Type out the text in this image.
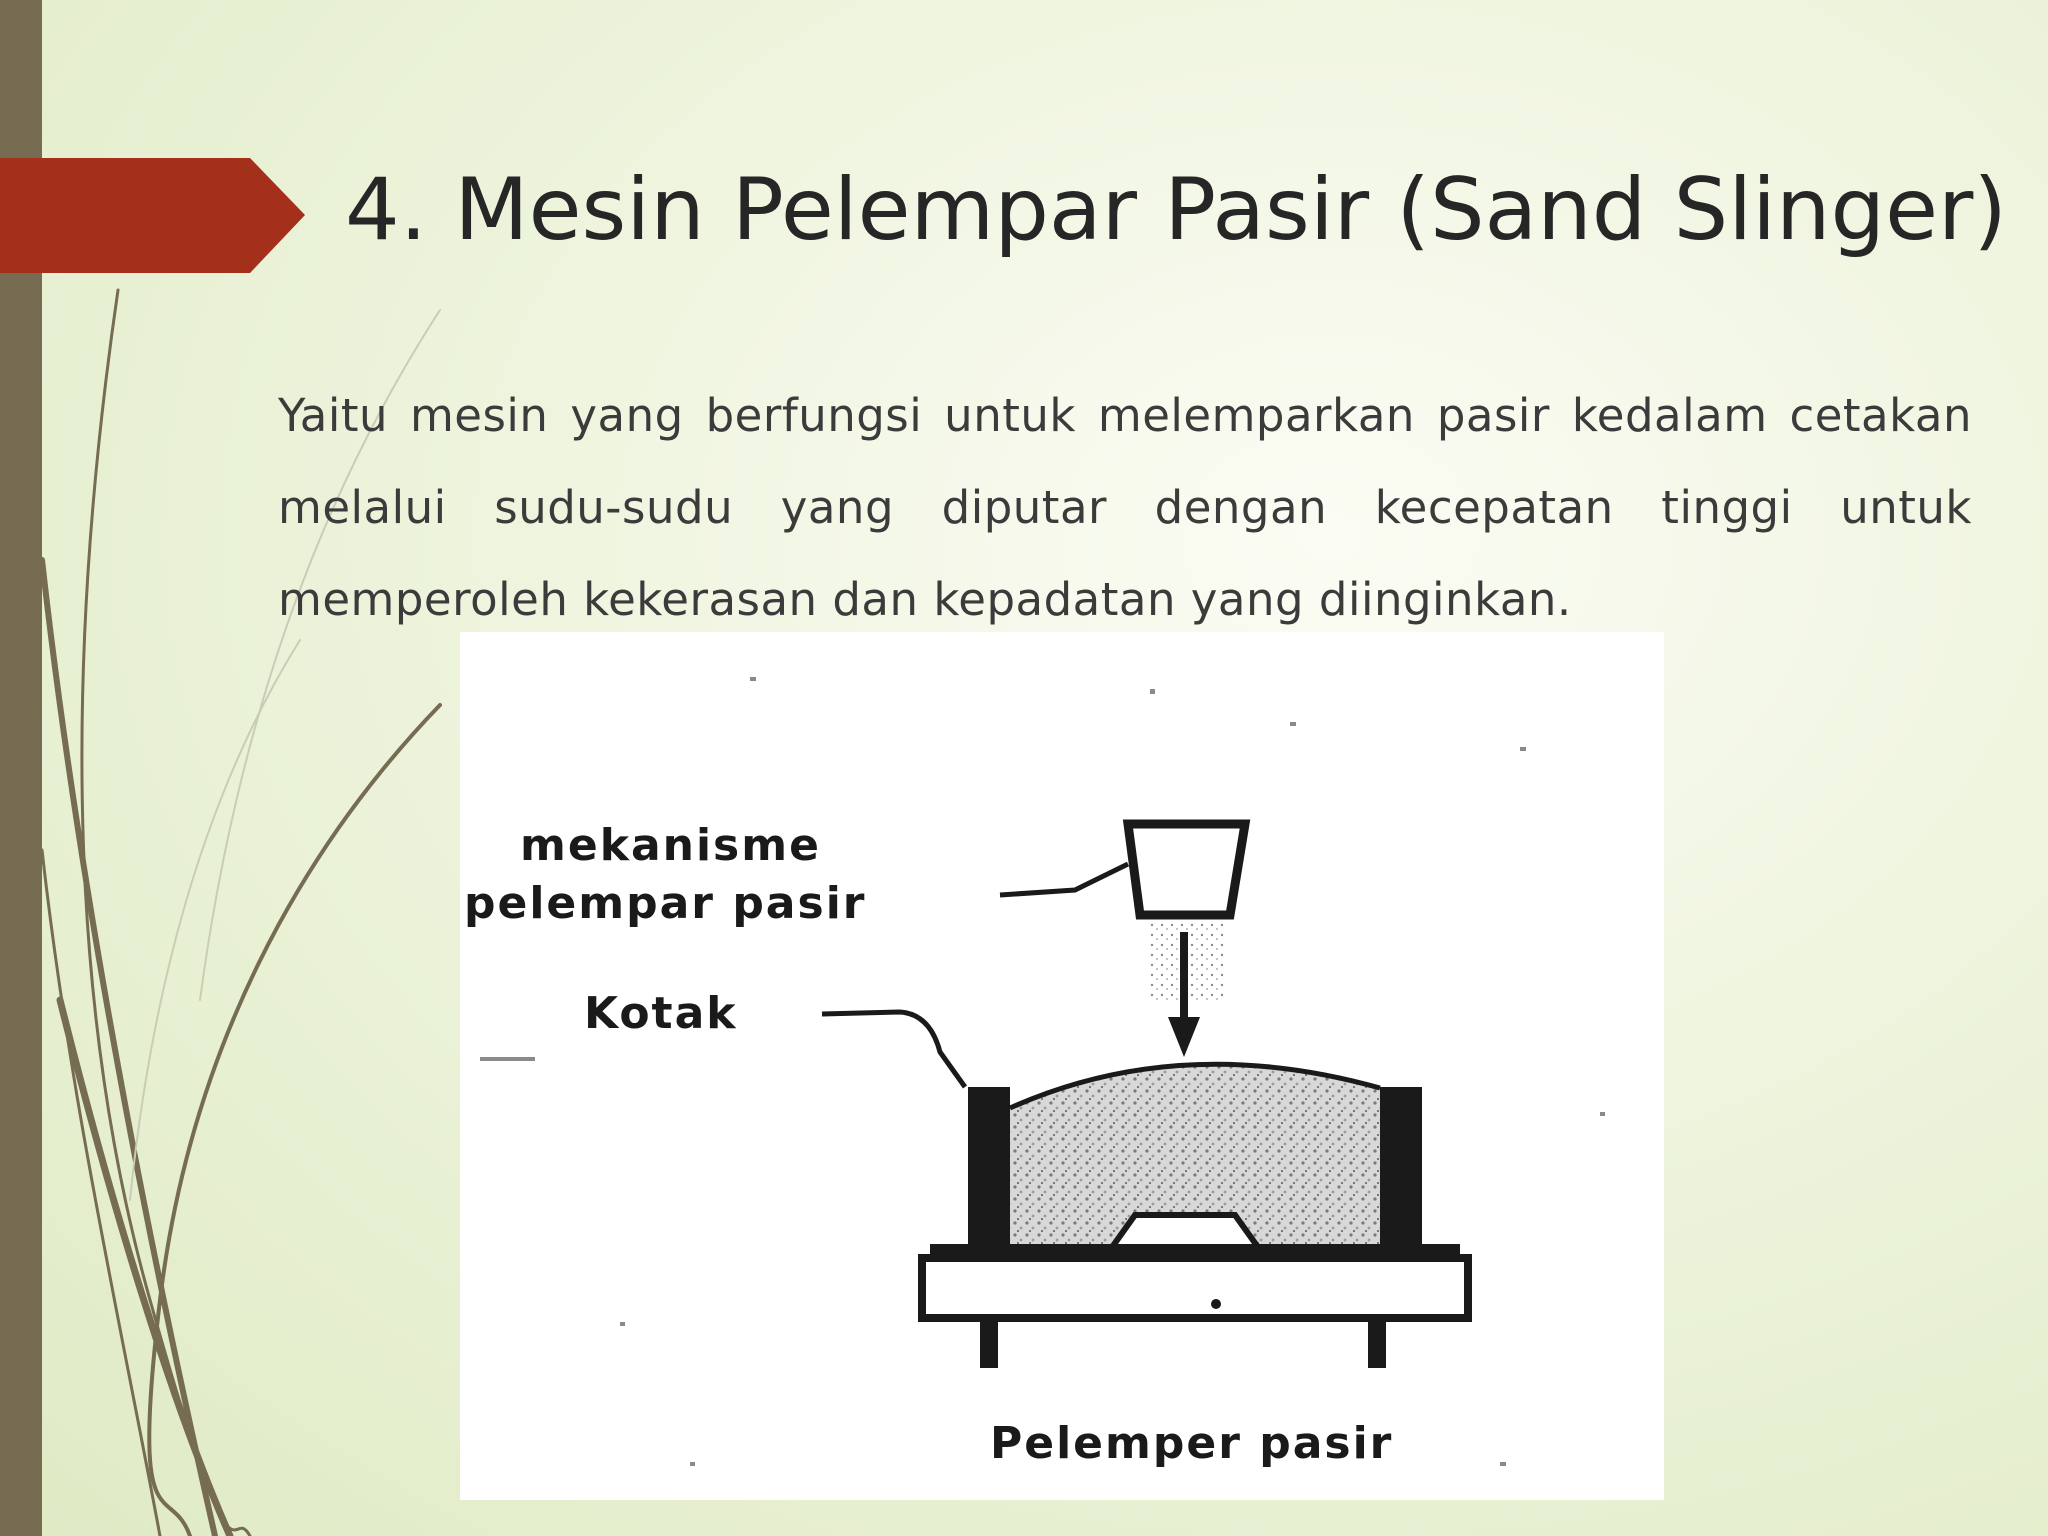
4. Mesin Pelempar Pasir (Sand Slinger)

Yaitu mesin yang berfungsi untuk melemparkan pasir kedalam cetakan melalui sudu-sudu yang diputar dengan kecepatan tinggi untuk memperoleh kekerasan dan kepadatan yang diinginkan.

mekanisme
pelempar pasir
Kotak
Pelemper pasir
